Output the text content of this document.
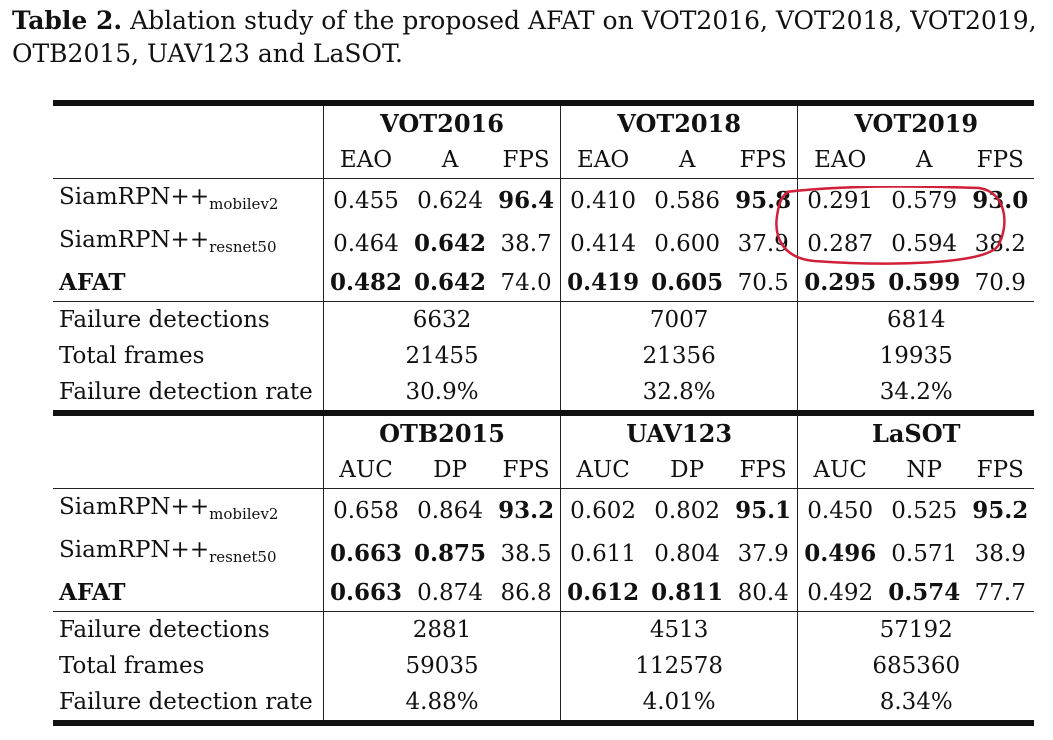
Table 2. Ablation study of the proposed AFAT on VOT2016, VOT2018, VOT2019, OTB2015, UAV123 and LaSOT.
	VOT2016			VOT2018			VOT2019		
	EAO	A	FPS	EAO	A	FPS	EAO	A	FPS
$SiamRPN++_{mobilev2}$	0.455	0.624	96.4	0.410	0.586	95.8	0.291	0.579	93.0
$SiamRPN++_{resnet50}$	0.464	0.642	38.7	0.414	0.600	37.9	0.287	0.594	38.2
AFAT	0.482	0.642	74.0	0.419	0.605	70.5	0.295	0.599	70.9
Failure detections	6632			7007			6814		
Total frames	21455			21356			19935		
Failure detection rate	30.9%			32.8%			34.2%		
	OTB2015			UAV123			LaSOT		
	AUC	DP	FPS	AUC	DP	FPS	AUC	NP	FPS
$SiamRPN++_{mobilev2}$	0.658	0.864	93.2	0.602	0.802	95.1	0.450	0.525	95.2
$SiamRPN++_{resnet50}$	0.663	0.875	38.5	0.611	0.804	37.9	0.496	0.571	38.9
AFAT	0.663	0.874	86.8	0.612	0.811	80.4	0.492	0.574	77.7
Failure detections	2881			4513			57192		
Total frames	59035			112578			685360		
Failure detection rate	4.88%			4.01%			8.34%		
